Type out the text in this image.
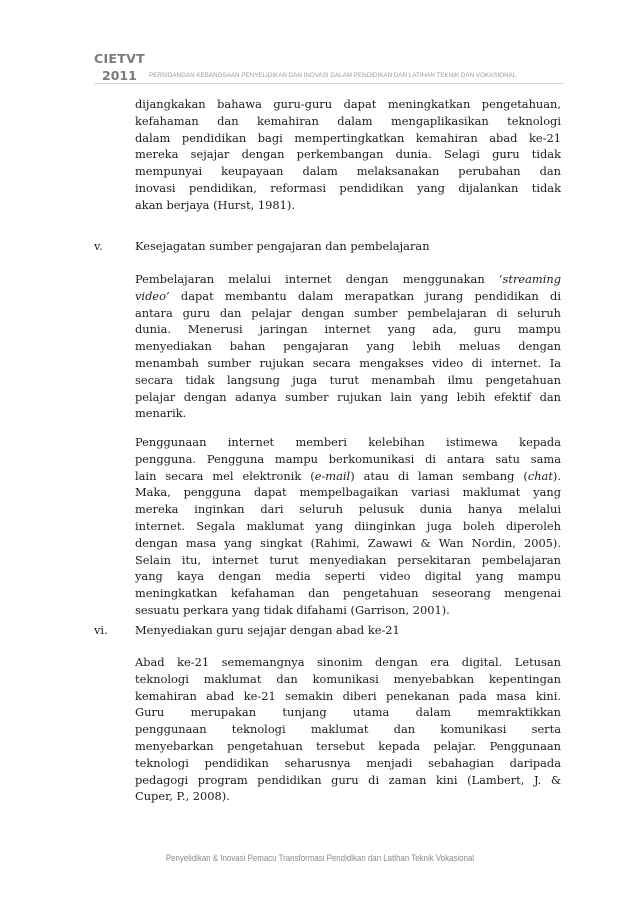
CIETVT
2011	PERSIDANGAN KEBANGSAAN PENYELIDIKAN DAN INOVASI DALAM PENDIDIKAN DAN LATIHAN TEKNIK DAN VOKASIONAL

dijangkakan bahawa guru-guru dapat meningkatkan pengetahuan,
kefahaman dan kemahiran dalam mengaplikasikan teknologi
dalam pendidikan bagi mempertingkatkan kemahiran abad ke-21
mereka sejajar dengan perkembangan dunia. Selagi guru tidak
mempunyai keupayaan dalam melaksanakan perubahan dan
inovasi pendidikan, reformasi pendidikan yang dijalankan tidak
akan berjaya (Hurst, 1981).

v.	Kesejagatan sumber pengajaran dan pembelajaran

Pembelajaran melalui internet dengan menggunakan ‘streaming
video’ dapat membantu dalam merapatkan jurang pendidikan di
antara guru dan pelajar dengan sumber pembelajaran di seluruh
dunia. Menerusi jaringan internet yang ada, guru mampu
menyediakan bahan pengajaran yang lebih meluas dengan
menambah sumber rujukan secara mengakses video di internet. Ia
secara tidak langsung juga turut menambah ilmu pengetahuan
pelajar dengan adanya sumber rujukan lain yang lebih efektif dan
menarik.

Penggunaan internet memberi kelebihan istimewa kepada
pengguna. Pengguna mampu berkomunikasi di antara satu sama
lain secara mel elektronik (e-mail) atau di laman sembang (chat).
Maka, pengguna dapat mempelbagaikan variasi maklumat yang
mereka inginkan dari seluruh pelusuk dunia hanya melalui
internet. Segala maklumat yang diinginkan juga boleh diperoleh
dengan masa yang singkat (Rahimi, Zawawi & Wan Nordin, 2005).
Selain itu, internet turut menyediakan persekitaran pembelajaran
yang kaya dengan media seperti video digital yang mampu
meningkatkan kefahaman dan pengetahuan seseorang mengenai
sesuatu perkara yang tidak difahami (Garrison, 2001).

vi. Menyediakan guru sejajar dengan abad ke-21

Abad ke-21 sememangnya sinonim dengan era digital. Letusan
teknologi maklumat dan komunikasi menyebabkan kepentingan
kemahiran abad ke-21 semakin diberi penekanan pada masa kini.
Guru merupakan tunjang utama dalam memraktikkan
penggunaan teknologi maklumat dan komunikasi serta
menyebarkan pengetahuan tersebut kepada pelajar. Penggunaan
teknologi pendidikan seharusnya menjadi sebahagian daripada
pedagogi program pendidikan guru di zaman kini (Lambert, J. &
Cuper, P., 2008).

Penyelidikan & Inovasi Pemacu Transformasi Pendidikan dan Latihan Teknik Vokasional
